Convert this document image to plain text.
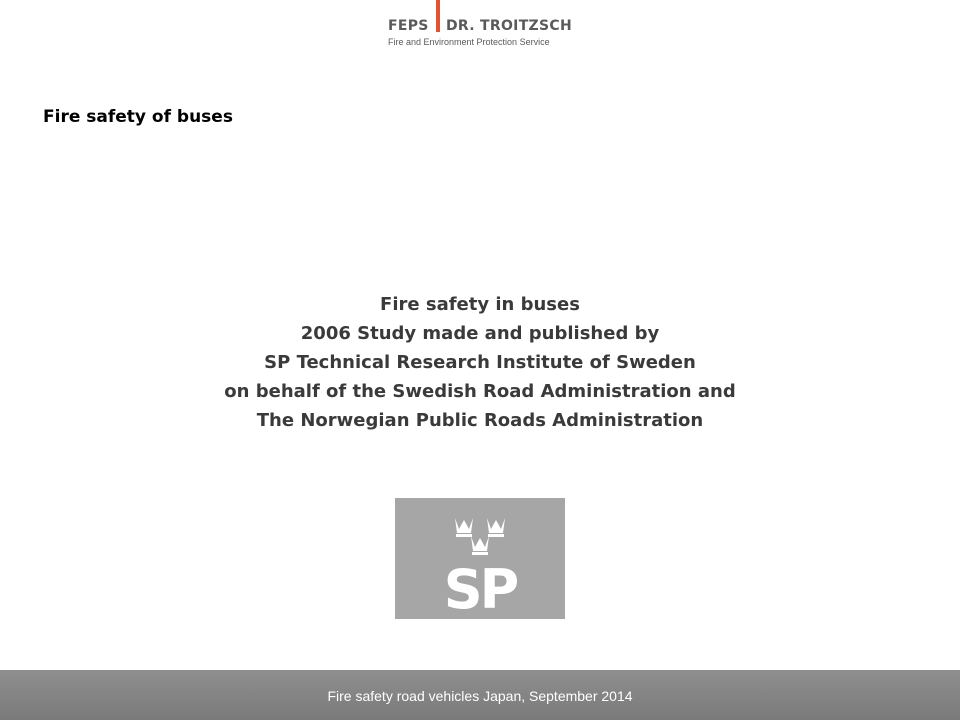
FEPS DR. TROITZSCH
Fire and Environment Protection Service
Fire safety of buses
Fire safety in buses
2006 Study made and published by
SP Technical Research Institute of Sweden
on behalf of the Swedish Road Administration and
The Norwegian Public Roads Administration
SP
Fire safety road vehicles Japan, September 2014
